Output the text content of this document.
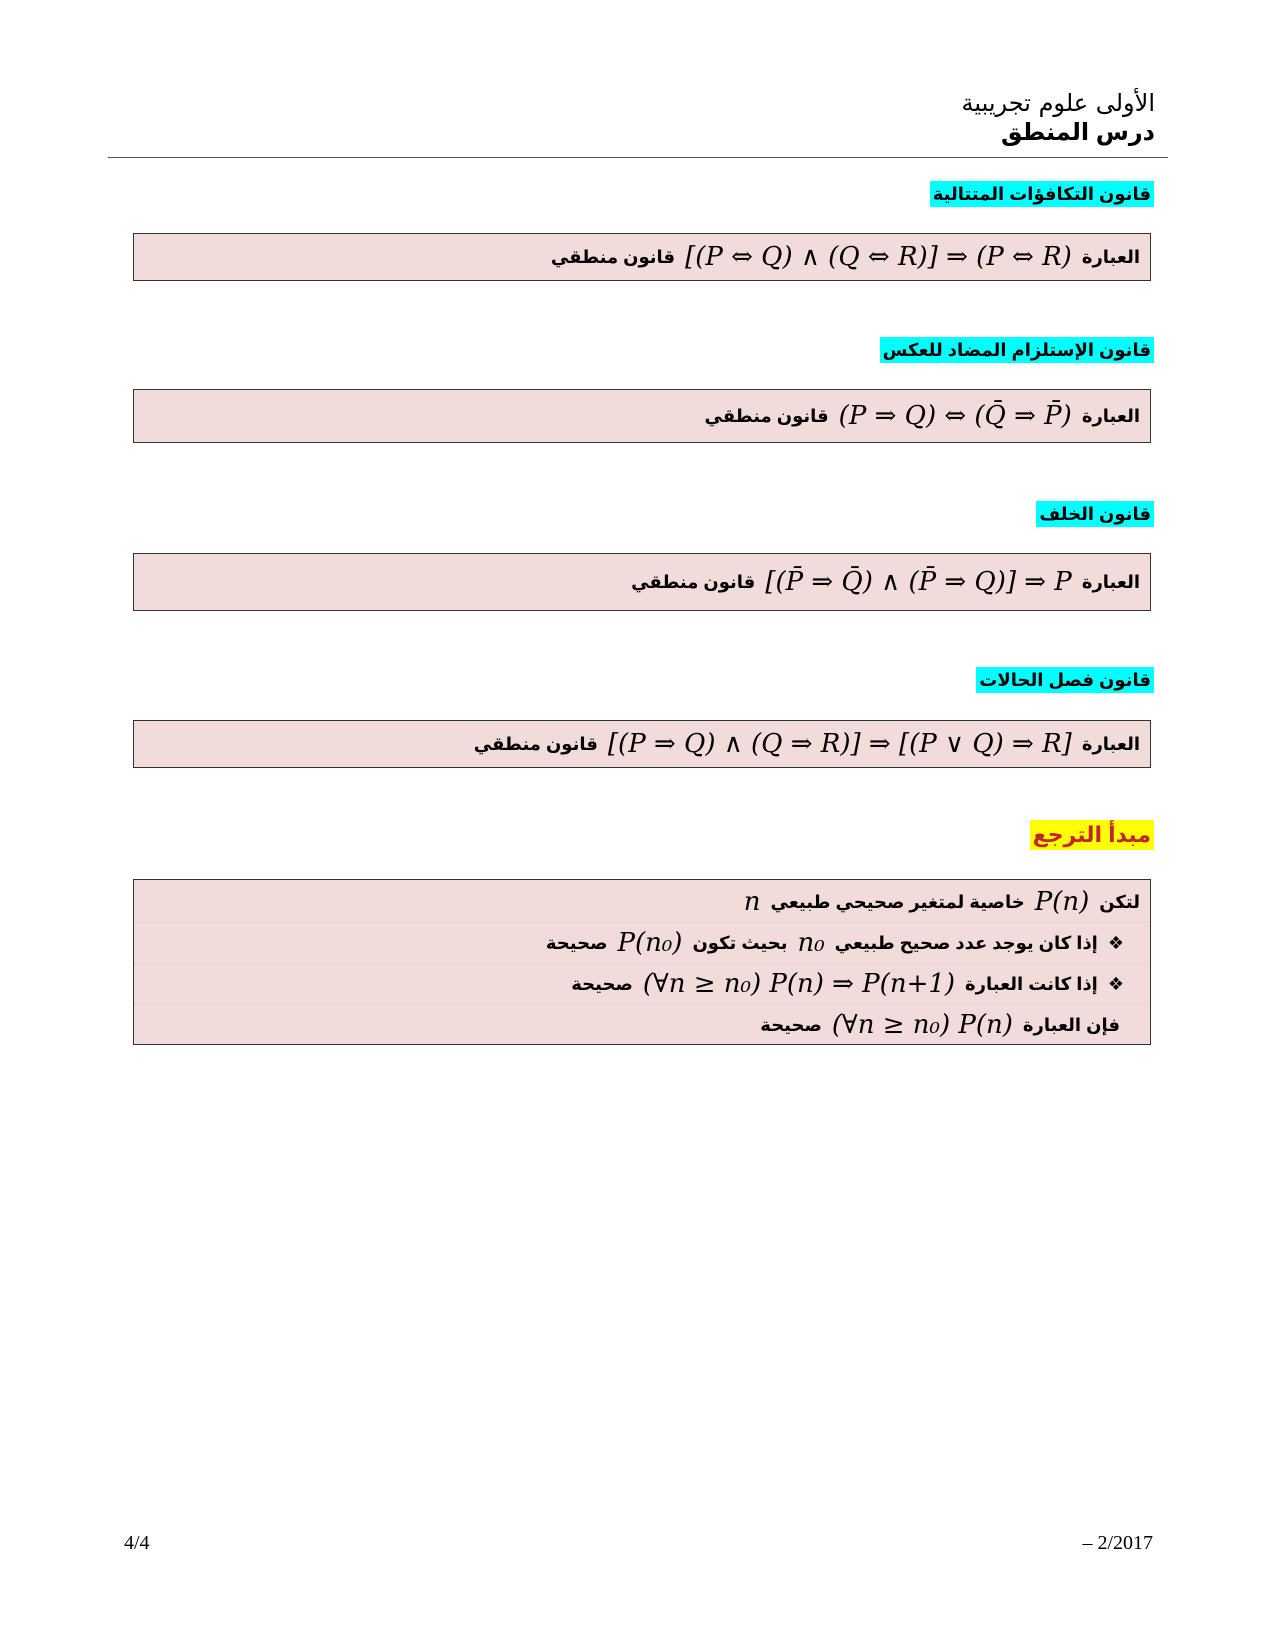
الأولى علوم تجريبية
درس المنطق
قانون التكافؤات المتتالية
العبارة
[(P ⇔ Q) ∧ (Q ⇔ R)] ⇒ (P ⇔ R)
قانون منطقي
قانون الإستلزام المضاد للعكس
العبارة
(P ⇒ Q) ⇔ (Q̄ ⇒ P̄)
قانون منطقي
قانون الخلف
العبارة
[(P̄ ⇒ Q̄) ∧ (P̄ ⇒ Q)] ⇒ P
قانون منطقي
قانون فصل الحالات
العبارة
[(P ⇒ Q) ∧ (Q ⇒ R)] ⇒ [(P ∨ Q) ⇒ R]
قانون منطقي
مبدأ الترجع
لتكن
P(n)
خاصية لمتغير صحيحي طبيعي
n
❖
إذا كان يوجد عدد صحيح طبيعي
n₀
بحيث تكون
P(n₀)
صحيحة
❖
إذا كانت العبارة
(∀n ≥ n₀) P(n) ⇒ P(n+1)
صحيحة
فإن العبارة
(∀n ≥ n₀) P(n)
صحيحة
4/4	– 2/2017
